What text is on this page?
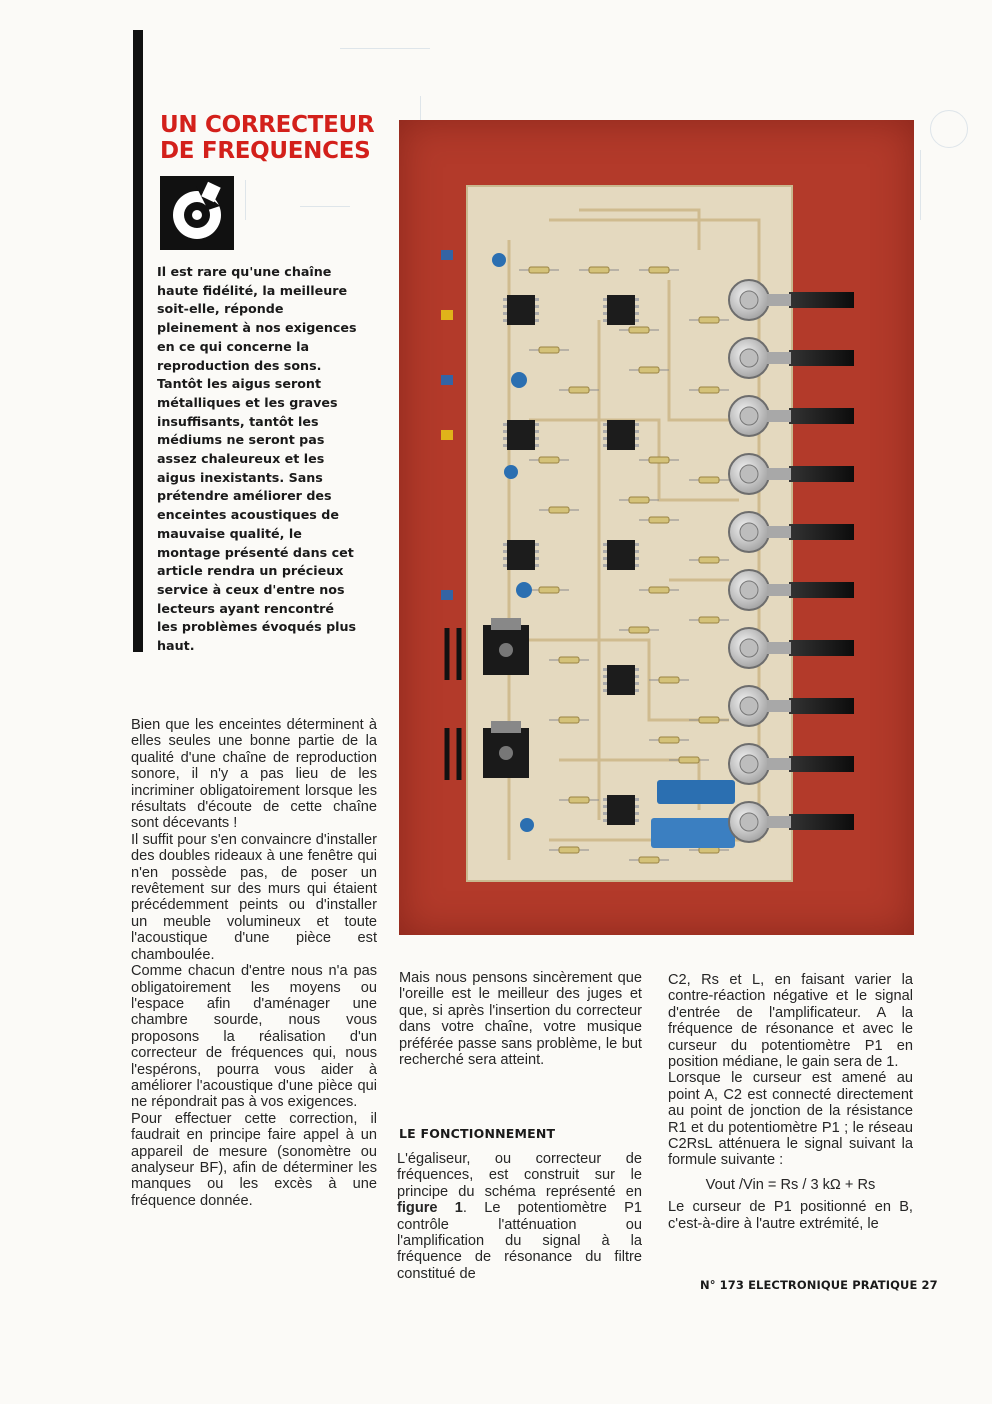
UN CORRECTEUR
DE FREQUENCES

Il est rare qu'une chaîne haute fidélité, la meilleure soit-elle, réponde pleinement à nos exigences en ce qui concerne la reproduction des sons. Tantôt les aigus seront métalliques et les graves insuffisants, tantôt les médiums ne seront pas assez chaleureux et les aigus inexistants. Sans prétendre améliorer des enceintes acoustiques de mauvaise qualité, le montage présenté dans cet article rendra un précieux service à ceux d'entre nos lecteurs ayant rencontré les problèmes évoqués plus haut.

Bien que les enceintes déterminent à elles seules une bonne partie de la qualité d'une chaîne de reproduction sonore, il n'y a pas lieu de les incriminer obligatoirement lorsque les résultats d'écoute de cette chaîne sont décevants !

Il suffit pour s'en convaincre d'installer des doubles rideaux à une fenêtre qui n'en possède pas, de poser un revêtement sur des murs qui étaient précédemment peints ou d'installer un meuble volumineux et toute l'acoustique d'une pièce est chamboulée.

Comme chacun d'entre nous n'a pas obligatoirement les moyens ou l'espace afin d'aménager une chambre sourde, nous vous proposons la réalisation d'un correcteur de fréquences qui, nous l'espérons, pourra vous aider à améliorer l'acoustique d'une pièce qui ne répondrait pas à vos exigences.

Pour effectuer cette correction, il faudrait en principe faire appel à un appareil de mesure (sonomètre ou analyseur BF), afin de déterminer les manques ou les excès à une fréquence donnée.

Mais nous pensons sincèrement que l'oreille est le meilleur des juges et que, si après l'insertion du correcteur dans votre chaîne, votre musique préférée passe sans problème, le but recherché sera atteint.

LE FONCTIONNEMENT

L'égaliseur, ou correcteur de fréquences, est construit sur le principe du schéma représenté en figure 1. Le potentiomètre P1 contrôle l'atténuation ou l'amplification du signal à la fréquence de résonance du filtre constitué de

C2, Rs et L, en faisant varier la contre-réaction négative et le signal d'entrée de l'amplificateur. A la fréquence de résonance et avec le curseur du potentiomètre P1 en position médiane, le gain sera de 1.

Lorsque le curseur est amené au point A, C2 est connecté directement au point de jonction de la résistance R1 et du potentiomètre P1 ; le réseau C2RsL atténuera le signal suivant la formule suivante :

Vout /Vin = Rs / 3 kΩ + Rs

Le curseur de P1 positionné en B, c'est-à-dire à l'autre extrémité, le

N° 173 ELECTRONIQUE PRATIQUE 27
